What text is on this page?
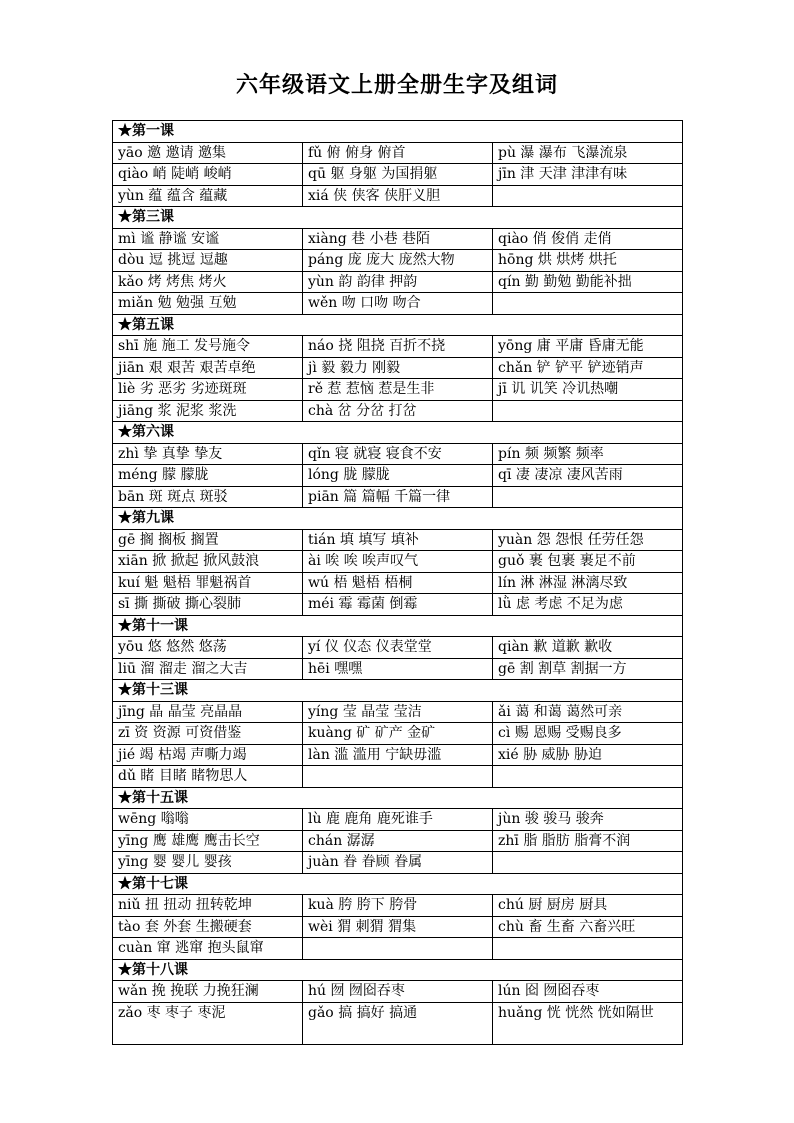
六年级语文上册全册生字及组词
★第一课		
yāo 邀 邀请 邀集	fǔ 俯 俯身 俯首	pù 瀑 瀑布 飞瀑流泉
qiào 峭 陡峭 峻峭	qū 躯 身躯 为国捐躯	jīn 津 天津 津津有味
yùn 蕴 蕴含 蕴藏	xiá 侠 侠客 侠肝义胆	
★第三课		
mì 谧 静谧 安谧	xiàng 巷 小巷 巷陌	qiào 俏 俊俏 走俏
dòu 逗 挑逗 逗趣	páng 庞 庞大 庞然大物	hōng 烘 烘烤 烘托
kǎo 烤 烤焦 烤火	yùn 韵 韵律 押韵	qín 勤 勤勉 勤能补拙
miǎn 勉 勉强 互勉	wěn 吻 口吻 吻合	
★第五课		
shī 施 施工 发号施令	náo 挠 阻挠 百折不挠	yōng 庸 平庸 昏庸无能
jiān 艰 艰苦 艰苦卓绝	jì 毅 毅力 刚毅	chǎn 铲 铲平 铲迹销声
liè 劣 恶劣 劣迹斑斑	rě 惹 惹恼 惹是生非	jī 讥 讥笑 冷讥热嘲
jiāng 浆 泥浆 浆洗	chà 岔 分岔 打岔	
★第六课		
zhì 挚 真挚 挚友	qǐn 寝 就寝 寝食不安	pín 频 频繁 频率
méng 朦 朦胧	lóng 胧 朦胧	qī 凄 凄凉 凄风苦雨
bān 斑 斑点 斑驳	piān 篇 篇幅 千篇一律	
★第九课		
gē 搁 搁板 搁置	tián 填 填写 填补	yuàn 怨 怨恨 任劳任怨
xiān 掀 掀起 掀风鼓浪	ài 唉 唉 唉声叹气	guǒ 裹 包裹 裹足不前
kuí 魁 魁梧 罪魁祸首	wú 梧 魁梧 梧桐	lín 淋 淋湿 淋漓尽致
sī 撕 撕破 撕心裂肺	méi 霉 霉菌 倒霉	lǜ 虑 考虑 不足为虑
★第十一课		
yōu 悠 悠然 悠荡	yí 仪 仪态 仪表堂堂	qiàn 歉 道歉 歉收
liū 溜 溜走 溜之大吉	hēi 嘿嘿	gē 割 割草 割据一方
★第十三课		
jīng 晶 晶莹 亮晶晶	yíng 莹 晶莹 莹洁	ǎi 蔼 和蔼 蔼然可亲
zī 资 资源 可资借鉴	kuàng 矿 矿产 金矿	cì 赐 恩赐 受赐良多
jié 竭 枯竭 声嘶力竭	làn 滥 滥用 宁缺毋滥	xié 胁 威胁 胁迫
dǔ 睹 目睹 睹物思人		
★第十五课		
wēng 嗡嗡	lù 鹿 鹿角 鹿死谁手	jùn 骏 骏马 骏奔
yīng 鹰 雄鹰 鹰击长空	chán 潺潺	zhī 脂 脂肪 脂膏不润
yīng 婴 婴儿 婴孩	juàn 眷 眷顾 眷属	
★第十七课		
niǔ 扭 扭动 扭转乾坤	kuà 胯 胯下 胯骨	chú 厨 厨房 厨具
tào 套 外套 生搬硬套	wèi 猬 刺猬 猬集	chù 畜 生畜 六畜兴旺
cuàn 窜 逃窜 抱头鼠窜		
★第十八课		
wǎn 挽 挽联 力挽狂澜	hú 囫 囫囵吞枣	lún 囵 囫囵吞枣
zǎo 枣 枣子 枣泥	gǎo 搞 搞好 搞通	huǎng 恍 恍然 恍如隔世
